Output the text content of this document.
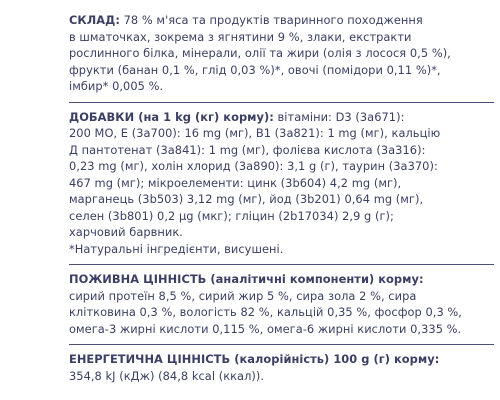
СКЛАД: 78 % м'яса та продуктів тваринного походження
в шматочках, зокрема з ягнятини 9 %, злаки, екстракти
рослинного білка, мінерали, олії та жири (олія з лосося 0,5 %),
фрукти (банан 0,1 %, глід 0,03 %)*, овочі (помідори 0,11 %)*,
імбир* 0,005 %.
ДОБАВКИ (на 1 kg (кг) корму): вітаміни: D3 (3a671):
200 МО, E (3a700): 16 mg (мг), B1 (3a821): 1 mg (мг), кальцію
Д пантотенат (3a841): 1 mg (мг), фолієва кислота (3a316):
0,23 mg (мг), холін хлорид (3a890): 3,1 g (г), таурин (3a370):
467 mg (мг); мікроелементи: цинк (3b604) 4,2 mg (мг),
марганець (3b503) 3,12 mg (мг), йод (3b201) 0,64 mg (мг),
селен (3b801) 0,2 µg (мкг); гліцин (2b17034) 2,9 g (г);
харчовий барвник.
*Натуральні інгредієнти, висушені.
ПОЖИВНА ЦІННІСТЬ (аналітичні компоненти) корму:
сирий протеїн 8,5 %, сирий жир 5 %, сира зола 2 %, сира
клітковина 0,3 %, вологість 82 %, кальцій 0,35 %, фосфор 0,3 %,
омега-3 жирні кислоти 0,115 %, омега-6 жирні кислоти 0,335 %.
ЕНЕРГЕТИЧНА ЦІННІСТЬ (калорійність) 100 g (г) корму:
354,8 kJ (кДж) (84,8 kcal (ккал)).
